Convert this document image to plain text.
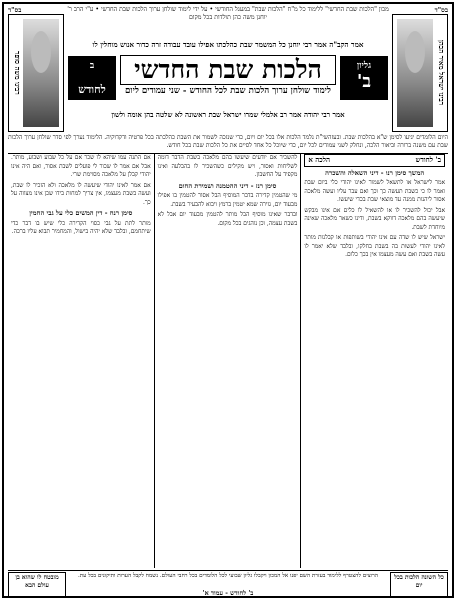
בס"ד
מכון "הלכות שבת החדשי" ללימוד כל מ"ח "הלכות שבת" במעגל החודשי • על ידי לימוד שולחן ערוך הלכות שבת החדשי • ע"י הרב ר' יוחנן משה כהן תולדות בכל מקום
בס"ד
רבינו ישראל מאיר הכהן
רבינו משה סופר
אמר הקב"ה אמר רבי יוחנן כל המשמר שבת כהלכתו אפילו עובד עבודה זרה כדור אנוש מוחלין לו
גליון
ב'
הלכות שבת החדשי
ב
לחודש	לימוד שולחן ערוך הלכות שבת לכל החודש - שני עמודים ליום
אמר רבי יהודה אמר רב אלמלי שמרו ישראל שבת ראשונה לא שלטה בהן אומה ולשון
היום הלומדים יגיעו לסימן ש"א בהלכות שבת. ובעזהשי"ת נלמד הלכות אלו בכל יום ויום, כדי שנזכה לשמור את השבת כהלכתה בכל פרטיה ודקדוקיה. הלימוד נערך לפי סדר שולחן ערוך הלכות שבת עם משנה ברורה וביאור הלכה, ונחלק לשני עמודים לכל יום, כדי שיוכל כל אחד לסיים את כל הלכות שבת בכל חודש.
ב' לחודש
הלכה א
המשך סימן רנו - דיני השאלה והשכרה

אמר לישראל או לתשאל לשמור לאינו יהודי כלי ביום שבת ואמר לו כי כשבת תעשה כך וכך ואם עבר עליו ועשה מלאכה אסור ליהנות ממנה עד מוצאי שבת בכדי שיעשו.

אבל יכול להשכיר לו או להשאיל לו כלים אם אינו מבקש שיעשה בהם מלאכה דווקא בשבת, ודינו כשאר מלאכה שאינה מיוחדת לשבת.

ישראל שיש לו שדה עם אינו יהודי בשותפות או קבלנות מותר לאינו יהודי לעשות בה בשבת בחלקו, ובלבד שלא יאמר לו עשה בשבת ואם עשה מעצמו אין בכך כלום.

להשכיר אם יודעים שיעשו בהם מלאכה בשבת הדבר דומה לשליחות ואסור, ויש מקילים כשהשכיר לו בהבלעה ואינו מקפיד על החשבון.

סימן רנז - דיני ההטמנה ושמירת החום

מי שהטמין קדירה בדבר המוסיף הבל אסור להטמין בו אפילו מבעוד יום, גזירה שמא יטמין ברמץ ויבוא להבעיר בשבת.

ובדבר שאינו מוסיף הבל מותר להטמין מבעוד יום אבל לא בשבת עצמה, וכן נוהגים בכל מקום.

אם התנה עמו שיהא לו שכר אם על כל שבוע ושבוע, מותר. אבל אם אמר לו שכור לי פועלים לשבת אסור, ואם היה אינו יהודי קבלן על מלאכה מסוימת שרי.

אם אמר לאינו יהודי שיעשה לו מלאכה ולא הזכיר לו שבת, ועשה בשבת מעצמו, אין צריך למחות בידו שכן אינו מצווה על כך.

סימן רנח - דין המשים כלי על גבי החמין

מותר לתת על גבי כסוי הקדירה כלי שיש בו דבר כדי שיתחמם, ובלבד שלא יהיה בישול, והמחמיר תבוא עליו ברכה.

כל השונה הלכות בכל יום
הרוצים להצטרף ללימוד בעזרת השם יפנו אל המכון ויקבלו גליון שבועי לכל הלומדים בכל רחבי העולם. נשמח לקבל הערות ותיקונים בכל עת.
ב' לחודש - עמוד א'
מובטח לו שהוא בן עולם הבא
